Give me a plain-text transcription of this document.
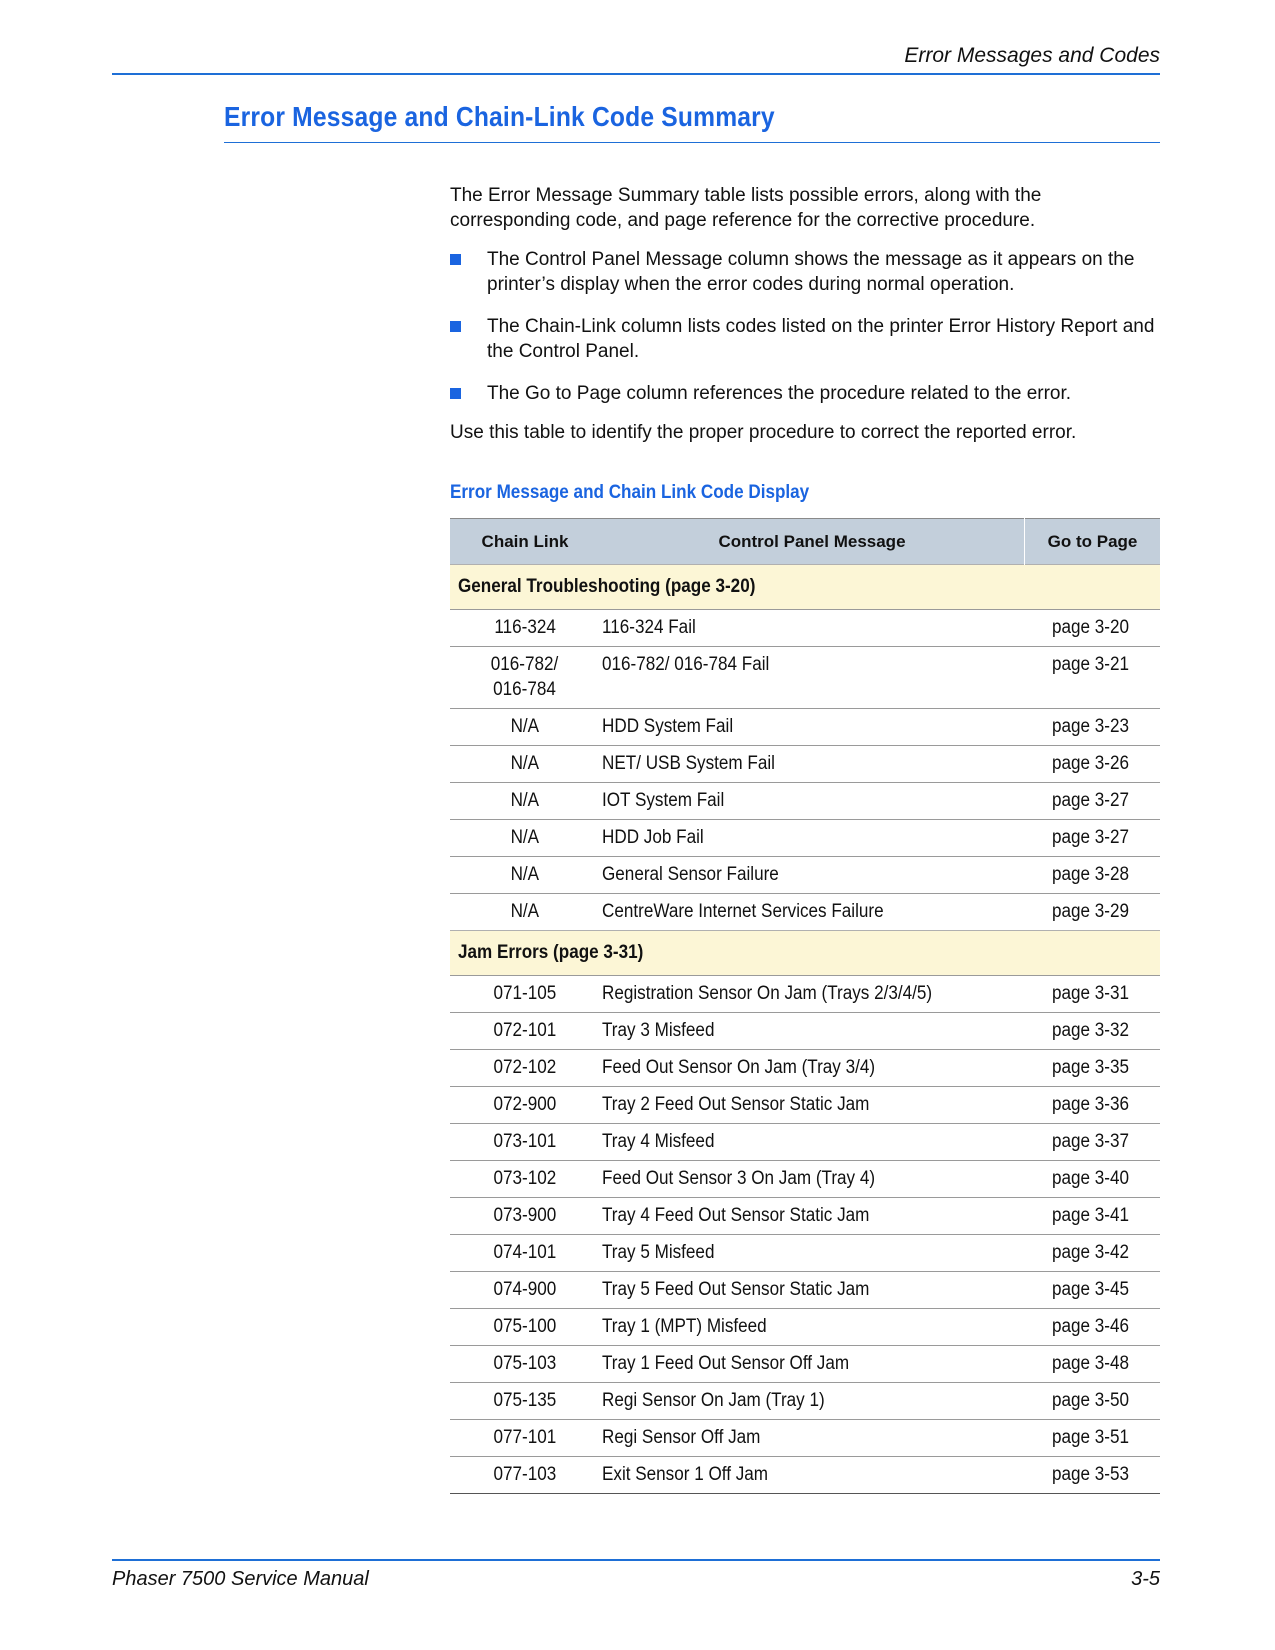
Error Messages and Codes
Error Message and Chain-Link Code Summary

The Error Message Summary table lists possible errors, along with the corresponding code, and page reference for the corrective procedure.

The Control Panel Message column shows the message as it appears on the printer’s display when the error codes during normal operation.
The Chain-Link column lists codes listed on the printer Error History Report and the Control Panel.
The Go to Page column references the procedure related to the error.

Use this table to identify the proper procedure to correct the reported error.

Error Message and Chain Link Code Display
Chain Link	Control Panel Message	Go to Page
General Troubleshooting (page 3-20)		
116-324	116-324 Fail	page 3-20
016-782/
016-784	016-782/ 016-784 Fail	page 3-21
N/A	HDD System Fail	page 3-23
N/A	NET/ USB System Fail	page 3-26
N/A	IOT System Fail	page 3-27
N/A	HDD Job Fail	page 3-27
N/A	General Sensor Failure	page 3-28
N/A	CentreWare Internet Services Failure	page 3-29
Jam Errors (page 3-31)		
071-105	Registration Sensor On Jam (Trays 2/3/4/5)	page 3-31
072-101	Tray 3 Misfeed	page 3-32
072-102	Feed Out Sensor On Jam (Tray 3/4)	page 3-35
072-900	Tray 2 Feed Out Sensor Static Jam	page 3-36
073-101	Tray 4 Misfeed	page 3-37
073-102	Feed Out Sensor 3 On Jam (Tray 4)	page 3-40
073-900	Tray 4 Feed Out Sensor Static Jam	page 3-41
074-101	Tray 5 Misfeed	page 3-42
074-900	Tray 5 Feed Out Sensor Static Jam	page 3-45
075-100	Tray 1 (MPT) Misfeed	page 3-46
075-103	Tray 1 Feed Out Sensor Off Jam	page 3-48
075-135	Regi Sensor On Jam (Tray 1)	page 3-50
077-101	Regi Sensor Off Jam	page 3-51
077-103	Exit Sensor 1 Off Jam	page 3-53
Phaser 7500 Service Manual	3-5
